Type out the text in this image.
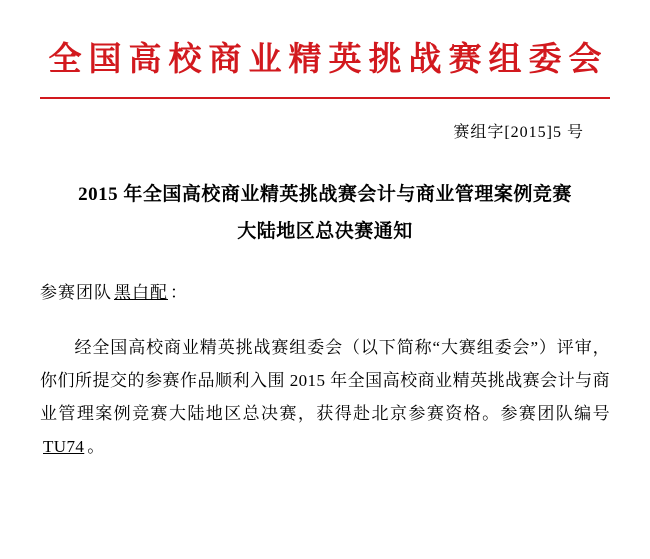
全国高校商业精英挑战赛组委会
赛组字[2015]5 号
2015 年全国高校商业精英挑战赛会计与商业管理案例竞赛
大陆地区总决赛通知
参赛团队 黑白配 ：
经全国高校商业精英挑战赛组委会（以下简称“大赛组委会”）评审，你们所提交的参赛作品顺利入围 2015 年全国高校商业精英挑战赛会计与商业管理案例竞赛大陆地区总决赛，获得赴北京参赛资格。参赛团队编号TU74 。
